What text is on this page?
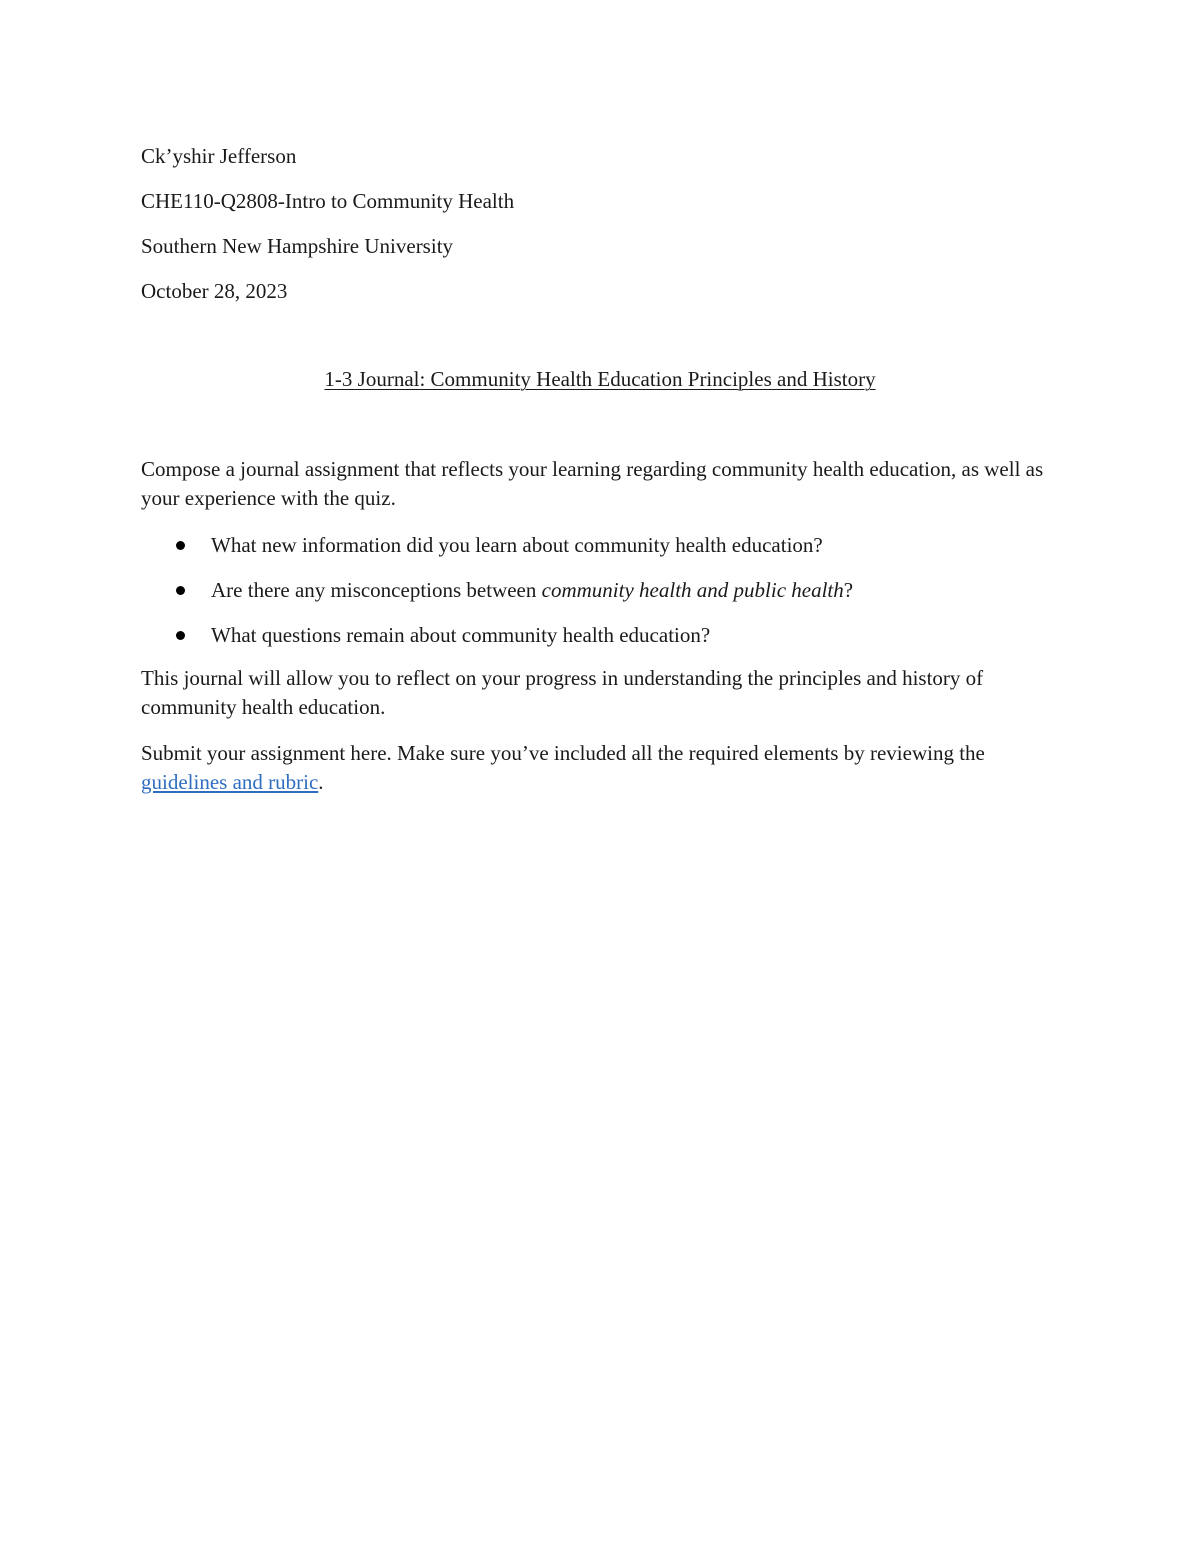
Ck’yshir Jefferson

CHE110-Q2808-Intro to Community Health

Southern New Hampshire University

October 28, 2023

1-3 Journal: Community Health Education Principles and History

Compose a journal assignment that reflects your learning regarding community health education, as well as your experience with the quiz.

What new information did you learn about community health education?
Are there any misconceptions between community health and public health?
What questions remain about community health education?

This journal will allow you to reflect on your progress in understanding the principles and history of community health education.

Submit your assignment here. Make sure you’ve included all the required elements by reviewing the guidelines and rubric.
